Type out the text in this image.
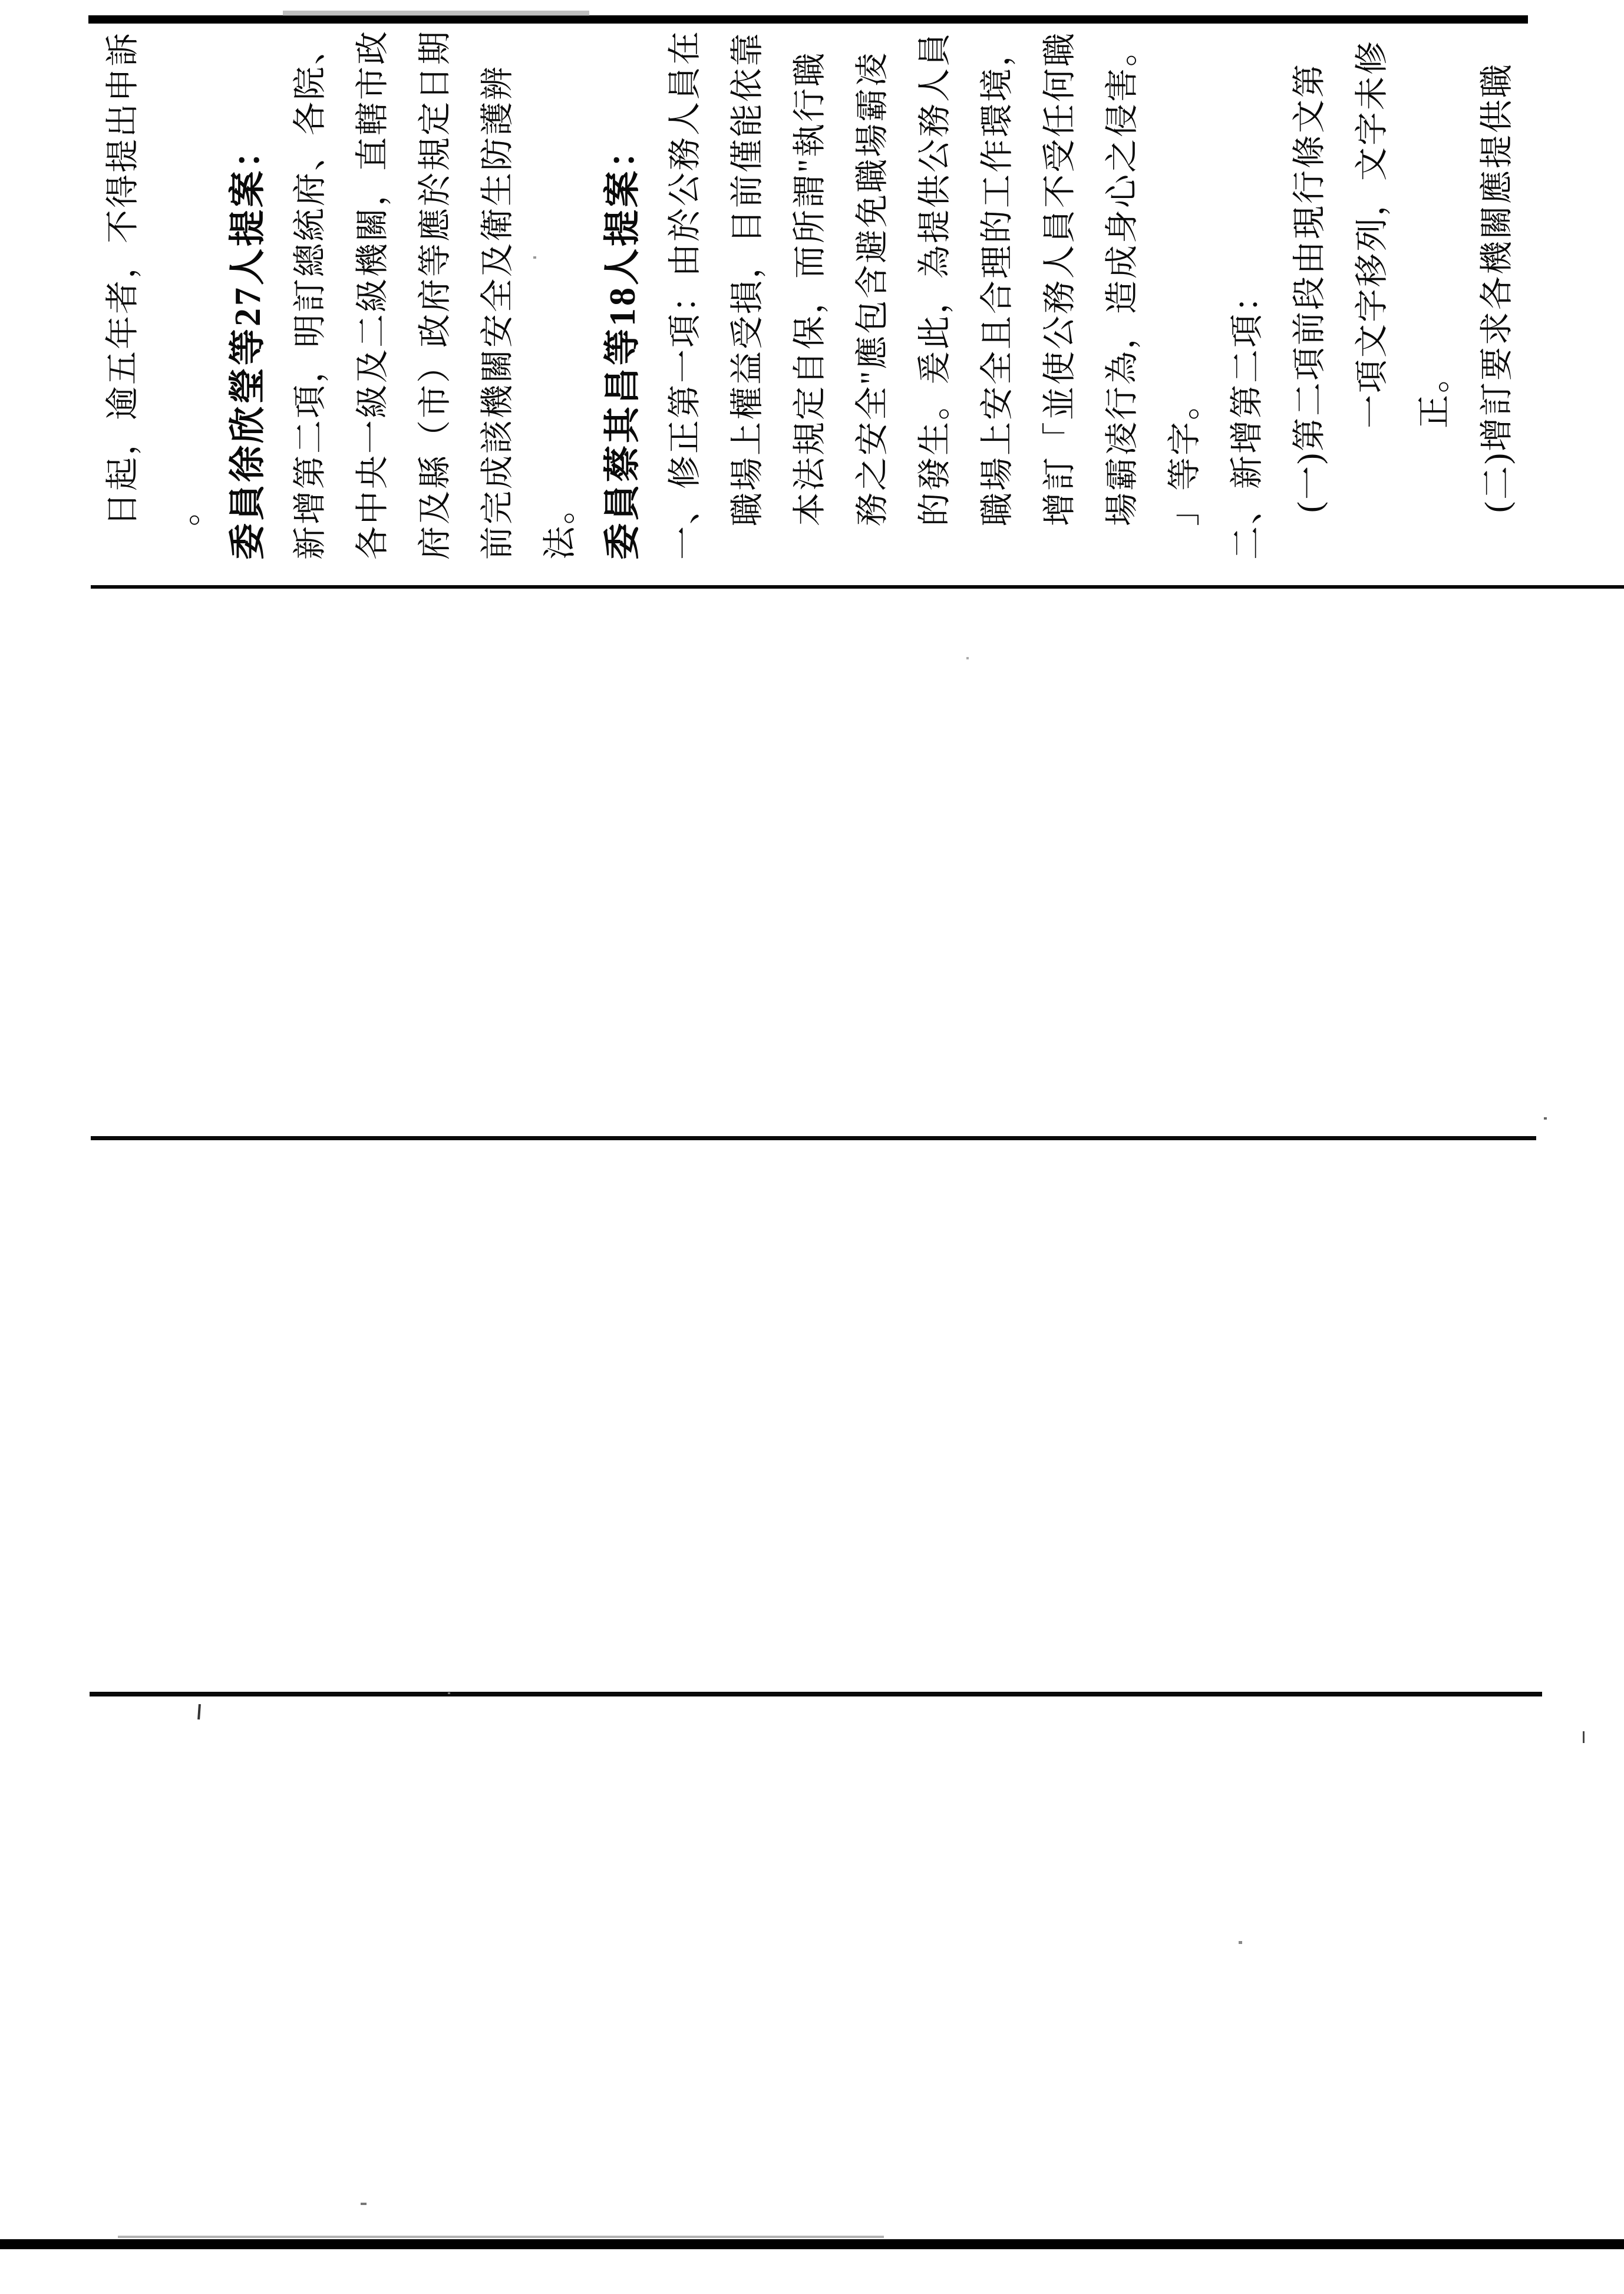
日起，逾五年者，不得提出申訴 。 委員徐欣瑩等27人提案： 新增第二項，明訂總統府、各院、 各中央一級及二級機關，直轄市政 府及縣（市）政府等應於規定日期 前完成該機關安全及衛生防護辨 法。 委員蔡其昌等18人提案： 一、修正第一項：由於公務人員在 職場上權益受損，目前僅能依靠 本法規定自保，而所謂"執行職 務之安全"應包含避免職場霸凌 的發生。爰此，為提供公務人員 職場上安全且合理的工作環境， 增訂「並使公務人員不受任何職 場霸凌行為，造成身心之侵害。 」等字。 二、新增第二項： (一)第二項前段由現行條文第 一項文字移列，文字未修 正。 (二)增訂要求各機關應提供職
